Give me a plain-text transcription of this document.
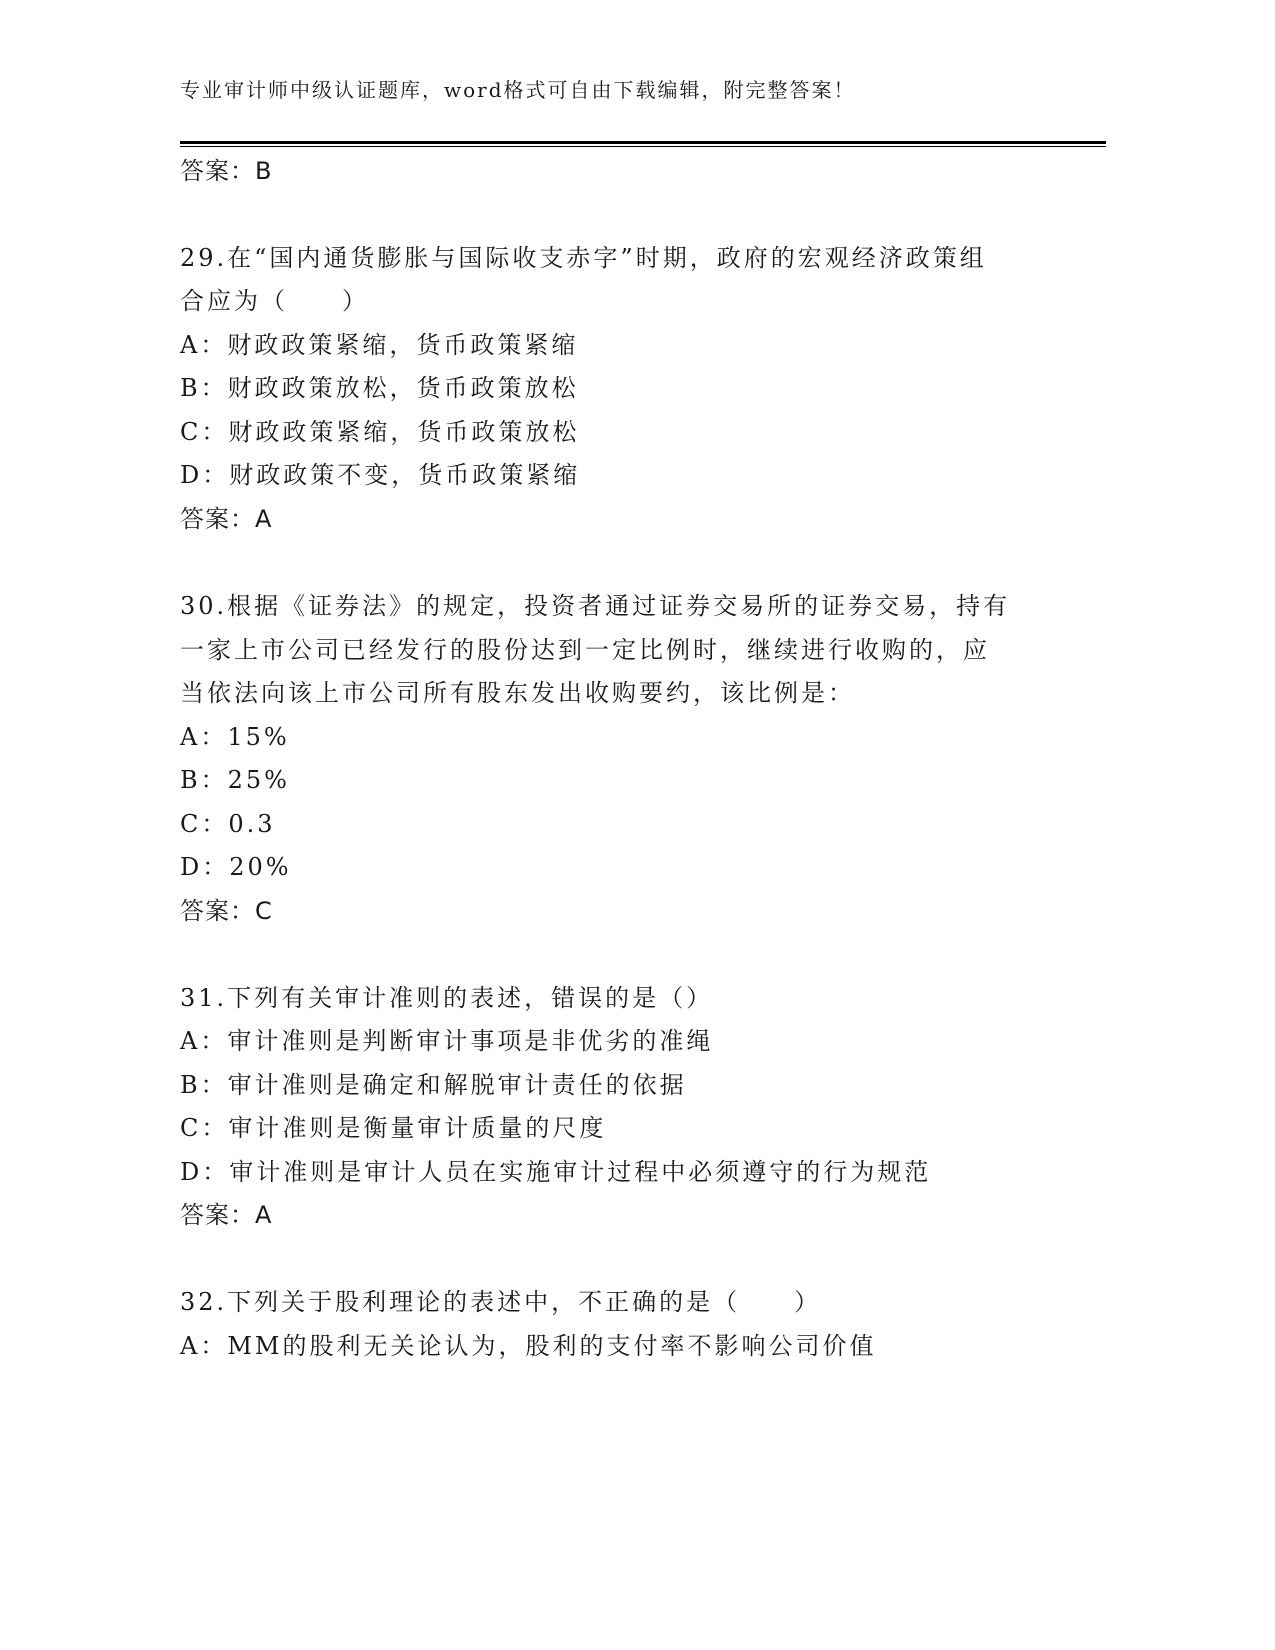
专业审计师中级认证题库，word格式可自由下载编辑，附完整答案！
答案：B
29.在“国内通货膨胀与国际收支赤字”时期，政府的宏观经济政策组
合应为（　　）
A：财政政策紧缩，货币政策紧缩
B：财政政策放松，货币政策放松
C：财政政策紧缩，货币政策放松
D：财政政策不变，货币政策紧缩
答案：A
30.根据《证券法》的规定，投资者通过证券交易所的证券交易，持有
一家上市公司已经发行的股份达到一定比例时，继续进行收购的，应
当依法向该上市公司所有股东发出收购要约，该比例是：
A：15%
B：25%
C：0.3
D：20%
答案：C
31.下列有关审计准则的表述，错误的是（）
A：审计准则是判断审计事项是非优劣的准绳
B：审计准则是确定和解脱审计责任的依据
C：审计准则是衡量审计质量的尺度
D：审计准则是审计人员在实施审计过程中必须遵守的行为规范
答案：A
32.下列关于股利理论的表述中，不正确的是（　　）
A：MM的股利无关论认为，股利的支付率不影响公司价值
